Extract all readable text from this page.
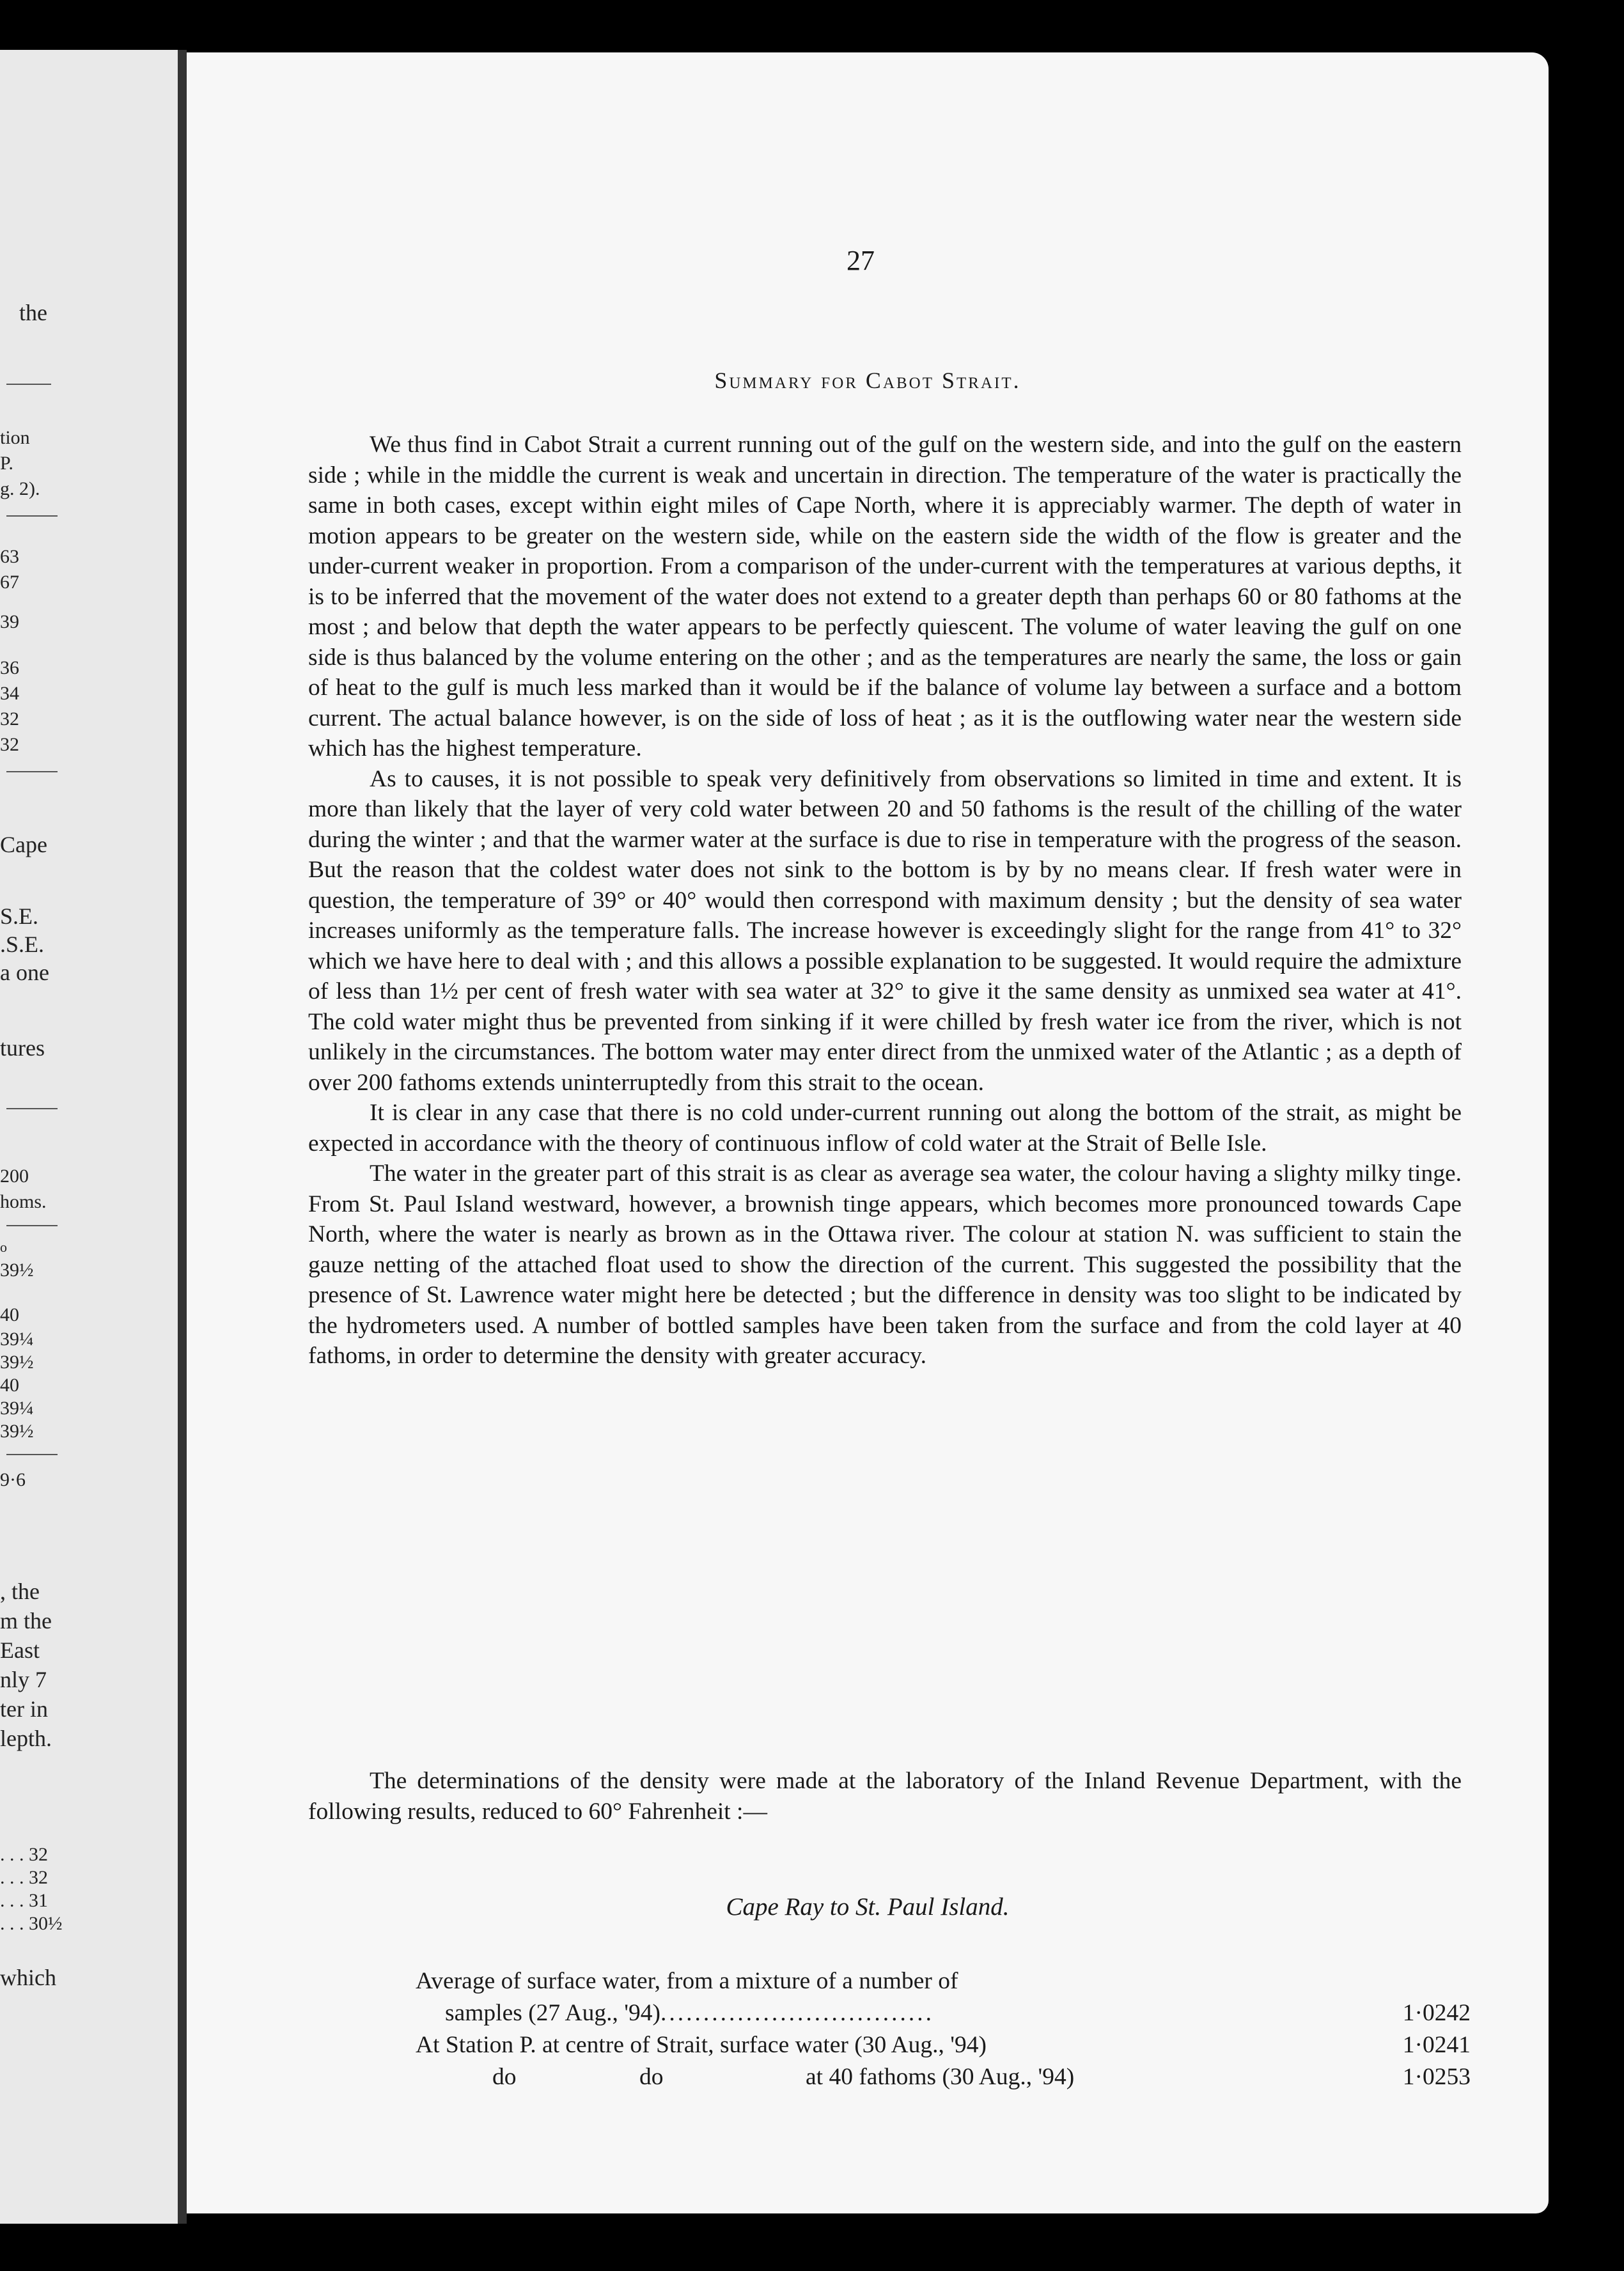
the
tion
P.
g. 2).
63
67
39
36
34
32
32
Cape
S.E.
.S.E.
a one
tures
200
homs.
o
39½
40
39¼
39½
40
39¼
39½
9·6
, the
m the
East
nly 7
ter in
lepth.
. . . 32
. . . 32
. . . 31
. . . 30½
which
27
Summary for Cabot Strait.

We thus find in Cabot Strait a current running out of the gulf on the western side, and into the gulf on the eastern side ; while in the middle the current is weak and uncertain in direction. The temperature of the water is practically the same in both cases, except within eight miles of Cape North, where it is appreciably warmer. The depth of water in motion appears to be greater on the western side, while on the eastern side the width of the flow is greater and the under-current weaker in proportion. From a comparison of the under-current with the temperatures at various depths, it is to be inferred that the movement of the water does not extend to a greater depth than perhaps 60 or 80 fathoms at the most ; and below that depth the water appears to be perfectly quiescent. The volume of water leaving the gulf on one side is thus balanced by the volume entering on the other ; and as the temperatures are nearly the same, the loss or gain of heat to the gulf is much less marked than it would be if the balance of volume lay between a surface and a bottom current. The actual balance however, is on the side of loss of heat ; as it is the outflowing water near the western side which has the highest temperature.

As to causes, it is not possible to speak very definitively from observations so limited in time and extent. It is more than likely that the layer of very cold water between 20 and 50 fathoms is the result of the chilling of the water during the winter ; and that the warmer water at the surface is due to rise in temperature with the progress of the season. But the reason that the coldest water does not sink to the bottom is by by no means clear. If fresh water were in question, the temperature of 39° or 40° would then correspond with maximum density ; but the density of sea water increases uniformly as the temperature falls. The increase however is exceedingly slight for the range from 41° to 32° which we have here to deal with ; and this allows a possible explanation to be suggested. It would require the admixture of less than 1½ per cent of fresh water with sea water at 32° to give it the same density as unmixed sea water at 41°. The cold water might thus be prevented from sinking if it were chilled by fresh water ice from the river, which is not unlikely in the circumstances. The bottom water may enter direct from the unmixed water of the Atlantic ; as a depth of over 200 fathoms extends uninterruptedly from this strait to the ocean.

It is clear in any case that there is no cold under-current running out along the bottom of the strait, as might be expected in accordance with the theory of continuous inflow of cold water at the Strait of Belle Isle.

The water in the greater part of this strait is as clear as average sea water, the colour having a slighty milky tinge. From St. Paul Island westward, however, a brownish tinge appears, which becomes more pronounced towards Cape North, where the water is nearly as brown as in the Ottawa river. The colour at station N. was sufficient to stain the gauze netting of the attached float used to show the direction of the current. This suggested the possibility that the presence of St. Lawrence water might here be detected ; but the difference in density was too slight to be indicated by the hydrometers used. A number of bottled samples have been taken from the surface and from the cold layer at 40 fathoms, in order to determine the density with greater accuracy.

The determinations of the density were made at the laboratory of the Inland Revenue Department, with the following results, reduced to 60° Fahrenheit :—

Cape Ray to St. Paul Island.
Average of surface water, from a mixture of a number of
samples (27 Aug., '94) ................................	1·0242
At Station P. at centre of Strait, surface water (30 Aug., '94)	1·0241
do	do	at 40 fathoms (30 Aug., '94)	1·0253
